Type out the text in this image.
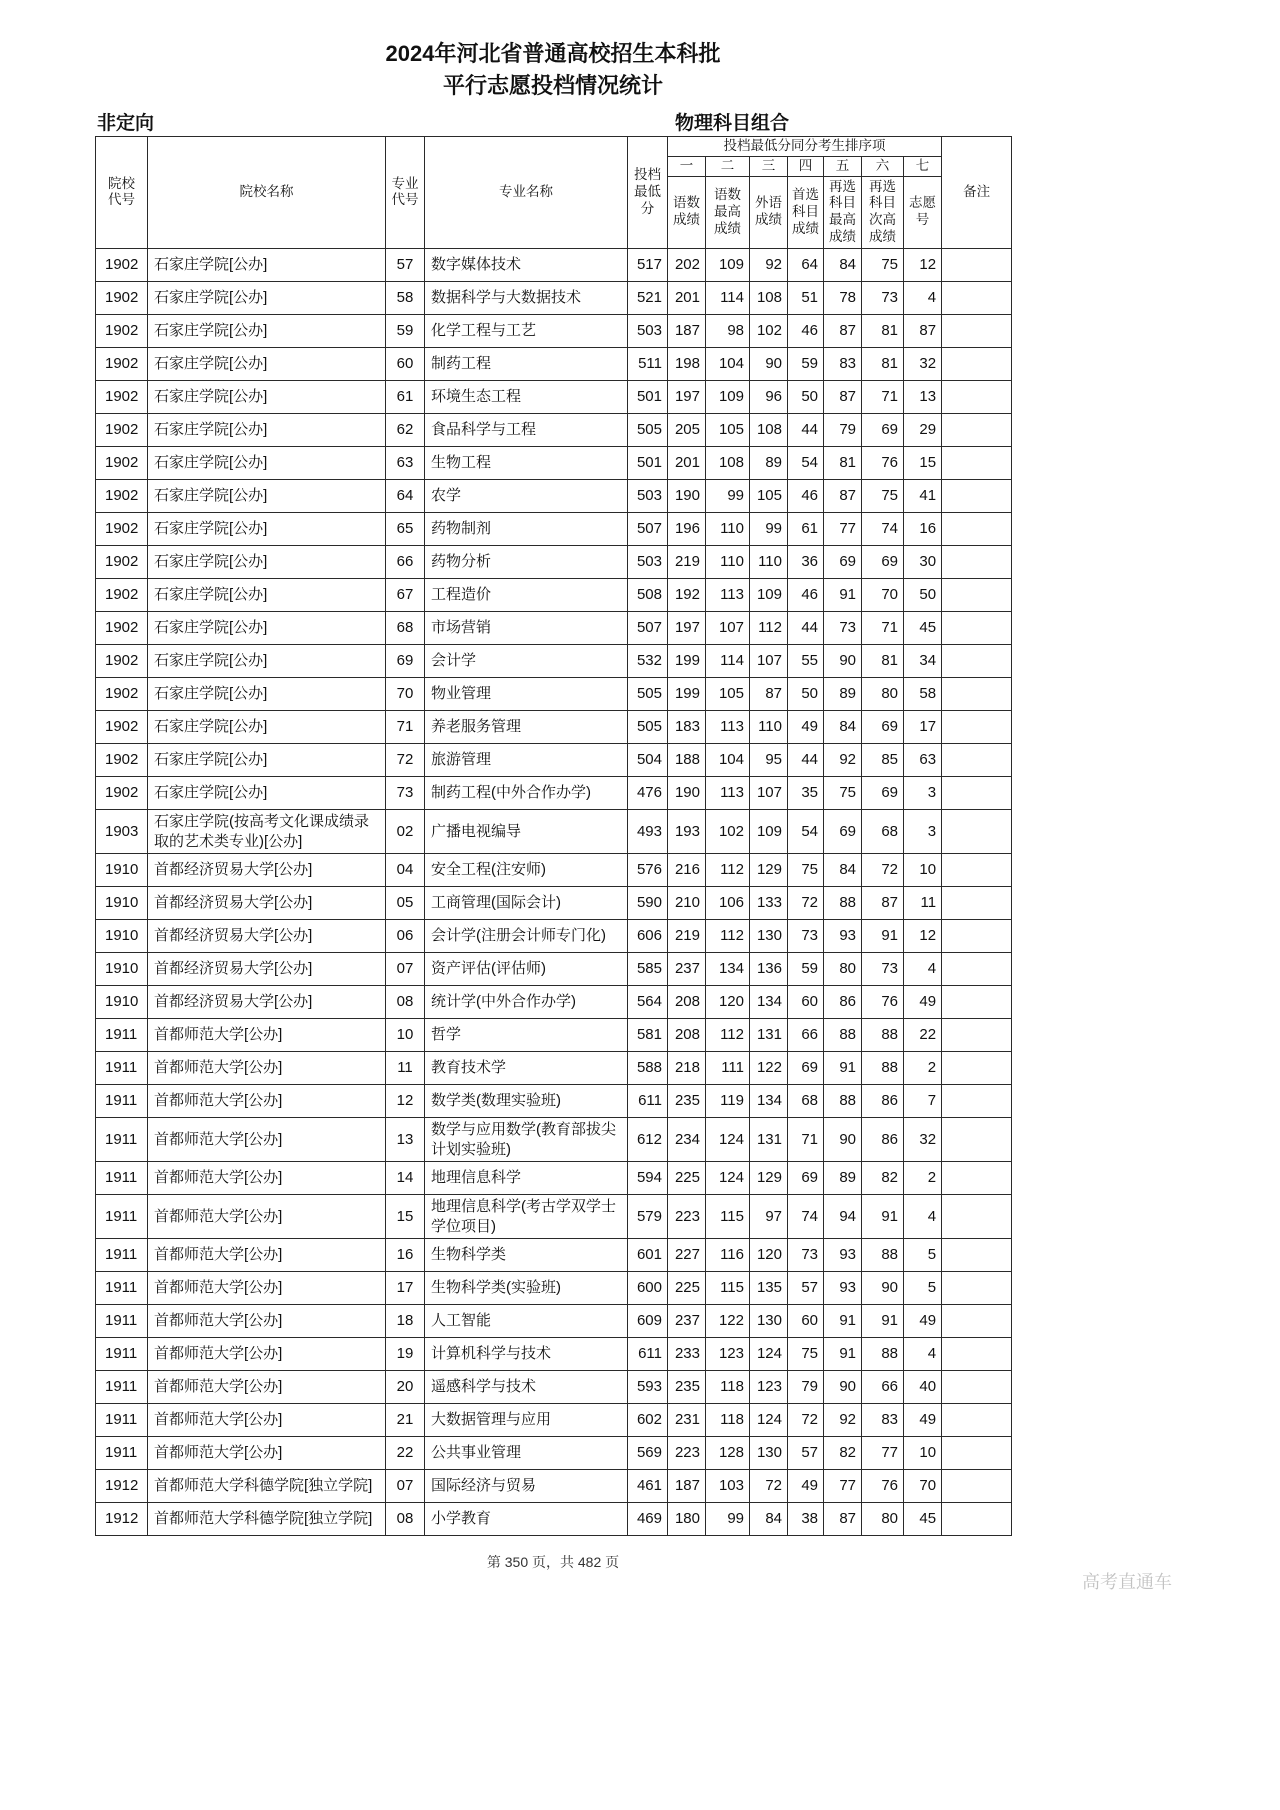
2024年河北省普通高校招生本科批
平行志愿投档情况统计
非定向	物理科目组合
院校代号	院校名称	专业代号	专业名称	投档最低分	投档最低分同分考生排序项							备注
					一	二	三	四	五	六	七	
					语数成绩	语数最高成绩	外语成绩	首选科目成绩	再选科目最高成绩	再选科目次高成绩	志愿号	
1902	石家庄学院[公办]	57	数字媒体技术	517	202	109	92	64	84	75	12	
1902	石家庄学院[公办]	58	数据科学与大数据技术	521	201	114	108	51	78	73	4	
1902	石家庄学院[公办]	59	化学工程与工艺	503	187	98	102	46	87	81	87	
1902	石家庄学院[公办]	60	制药工程	511	198	104	90	59	83	81	32	
1902	石家庄学院[公办]	61	环境生态工程	501	197	109	96	50	87	71	13	
1902	石家庄学院[公办]	62	食品科学与工程	505	205	105	108	44	79	69	29	
1902	石家庄学院[公办]	63	生物工程	501	201	108	89	54	81	76	15	
1902	石家庄学院[公办]	64	农学	503	190	99	105	46	87	75	41	
1902	石家庄学院[公办]	65	药物制剂	507	196	110	99	61	77	74	16	
1902	石家庄学院[公办]	66	药物分析	503	219	110	110	36	69	69	30	
1902	石家庄学院[公办]	67	工程造价	508	192	113	109	46	91	70	50	
1902	石家庄学院[公办]	68	市场营销	507	197	107	112	44	73	71	45	
1902	石家庄学院[公办]	69	会计学	532	199	114	107	55	90	81	34	
1902	石家庄学院[公办]	70	物业管理	505	199	105	87	50	89	80	58	
1902	石家庄学院[公办]	71	养老服务管理	505	183	113	110	49	84	69	17	
1902	石家庄学院[公办]	72	旅游管理	504	188	104	95	44	92	85	63	
1902	石家庄学院[公办]	73	制药工程(中外合作办学)	476	190	113	107	35	75	69	3	
1903	石家庄学院(按高考文化课成绩录取的艺术类专业)[公办]	02	广播电视编导	493	193	102	109	54	69	68	3	
1910	首都经济贸易大学[公办]	04	安全工程(注安师)	576	216	112	129	75	84	72	10	
1910	首都经济贸易大学[公办]	05	工商管理(国际会计)	590	210	106	133	72	88	87	11	
1910	首都经济贸易大学[公办]	06	会计学(注册会计师专门化)	606	219	112	130	73	93	91	12	
1910	首都经济贸易大学[公办]	07	资产评估(评估师)	585	237	134	136	59	80	73	4	
1910	首都经济贸易大学[公办]	08	统计学(中外合作办学)	564	208	120	134	60	86	76	49	
1911	首都师范大学[公办]	10	哲学	581	208	112	131	66	88	88	22	
1911	首都师范大学[公办]	11	教育技术学	588	218	111	122	69	91	88	2	
1911	首都师范大学[公办]	12	数学类(数理实验班)	611	235	119	134	68	88	86	7	
1911	首都师范大学[公办]	13	数学与应用数学(教育部拔尖计划实验班)	612	234	124	131	71	90	86	32	
1911	首都师范大学[公办]	14	地理信息科学	594	225	124	129	69	89	82	2	
1911	首都师范大学[公办]	15	地理信息科学(考古学双学士学位项目)	579	223	115	97	74	94	91	4	
1911	首都师范大学[公办]	16	生物科学类	601	227	116	120	73	93	88	5	
1911	首都师范大学[公办]	17	生物科学类(实验班)	600	225	115	135	57	93	90	5	
1911	首都师范大学[公办]	18	人工智能	609	237	122	130	60	91	91	49	
1911	首都师范大学[公办]	19	计算机科学与技术	611	233	123	124	75	91	88	4	
1911	首都师范大学[公办]	20	遥感科学与技术	593	235	118	123	79	90	66	40	
1911	首都师范大学[公办]	21	大数据管理与应用	602	231	118	124	72	92	83	49	
1911	首都师范大学[公办]	22	公共事业管理	569	223	128	130	57	82	77	10	
1912	首都师范大学科德学院[独立学院]	07	国际经济与贸易	461	187	103	72	49	77	76	70	
1912	首都师范大学科德学院[独立学院]	08	小学教育	469	180	99	84	38	87	80	45	
第 350 页，共 482 页
高考直通车
